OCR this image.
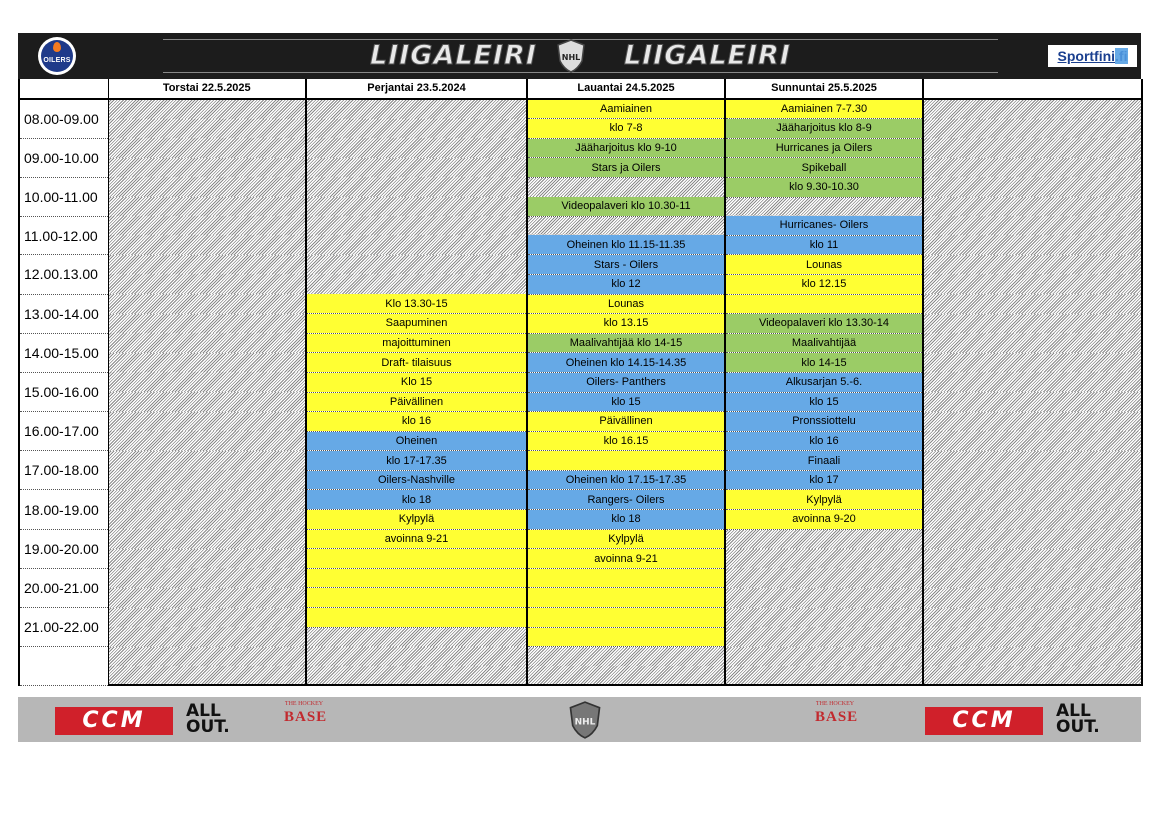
OILERS	LIIGALEIRI	NHL LIIGALEIRI	Sportfini.fi
	Torstai 22.5.2025	Perjantai 23.5.2024	Lauantai 24.5.2025	Sunnuntai 25.5.2025	
08.00-09.00			Aamiainen	Aamiainen 7-7.30	
			klo 7-8	Jääharjoitus klo 8-9	
09.00-10.00			Jääharjoitus klo 9-10	Hurricanes ja Oilers	
			Stars ja Oilers	Spikeball	
10.00-11.00				klo 9.30-10.30	
			Videopalaveri klo 10.30-11		
11.00-12.00				Hurricanes- Oilers	
			Oheinen klo 11.15-11.35	klo 11	
12.00.13.00			Stars - Oilers	Lounas	
			klo 12	klo 12.15	
13.00-14.00		Klo 13.30-15	Lounas		
		Saapuminen	klo 13.15	Videopalaveri klo 13.30-14	
14.00-15.00		majoittuminen	Maalivahtijää klo 14-15	Maalivahtijää	
		Draft- tilaisuus	Oheinen klo 14.15-14.35	klo 14-15	
15.00-16.00		Klo 15	Oilers- Panthers	Alkusarjan 5.-6.	
		Päivällinen	klo 15	klo 15	
16.00-17.00		klo 16	Päivällinen	Pronssiottelu	
		Oheinen	klo 16.15	klo 16	
17.00-18.00		klo 17-17.35		Finaali	
		Oilers-Nashville	Oheinen klo 17.15-17.35	klo 17	
18.00-19.00		klo 18	Rangers- Oilers	Kylpylä	
		Kylpylä	klo 18	avoinna 9-20	
19.00-20.00		avoinna 9-21	Kylpylä		
			avoinna 9-21		
20.00-21.00					

21.00-22.00					

CCM	ALL
OUT.
THE HOCKEY
BASE	NHL
THE HOCKEY
BASE	CCM	ALL
OUT.
